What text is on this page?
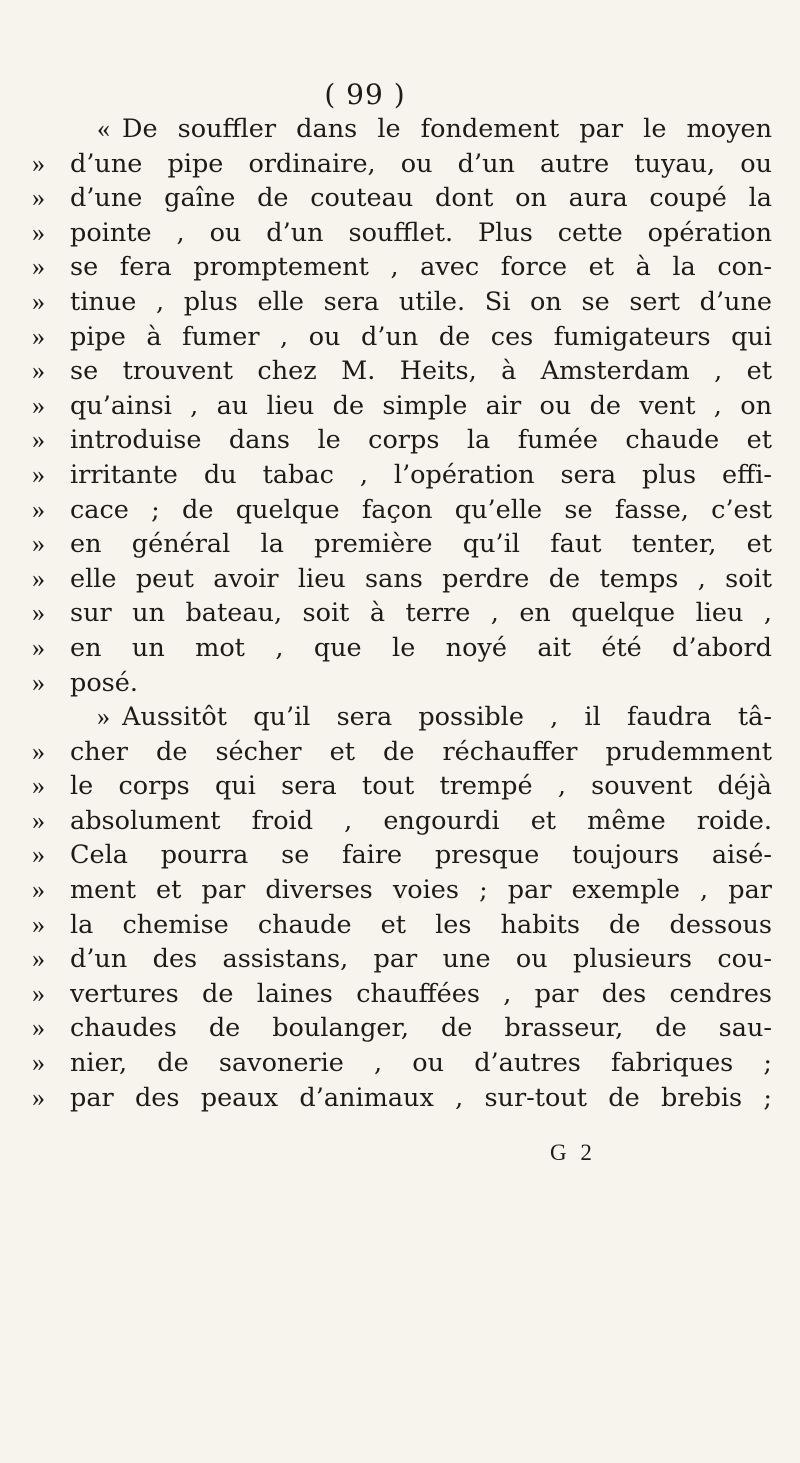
( 99 )
« De souffler dans le fondement par le moyen
» d’une pipe ordinaire, ou d’un autre tuyau, ou
» d’une gaîne de couteau dont on aura coupé la
» pointe , ou d’un soufflet. Plus cette opération
» se fera promptement , avec force et à la con-
» tinue , plus elle sera utile. Si on se sert d’une
» pipe à fumer , ou d’un de ces fumigateurs qui
» se trouvent chez M. Heits, à Amsterdam , et
» qu’ainsi , au lieu de simple air ou de vent , on
» introduise dans le corps la fumée chaude et
» irritante du tabac , l’opération sera plus effi-
» cace ; de quelque façon qu’elle se fasse, c’est
» en général la première qu’il faut tenter, et
» elle peut avoir lieu sans perdre de temps , soit
» sur un bateau, soit à terre , en quelque lieu ,
» en un mot , que le noyé ait été d’abord
» posé.
» Aussitôt qu’il sera possible , il faudra tâ-
» cher de sécher et de réchauffer prudemment
» le corps qui sera tout trempé , souvent déjà
» absolument froid , engourdi et même roide.
» Cela pourra se faire presque toujours aisé-
» ment et par diverses voies ; par exemple , par
» la chemise chaude et les habits de dessous
» d’un des assistans, par une ou plusieurs cou-
» vertures de laines chauffées , par des cendres
» chaudes de boulanger, de brasseur, de sau-
» nier, de savonerie , ou d’autres fabriques ;
» par des peaux d’animaux , sur-tout de brebis ;
G 2
